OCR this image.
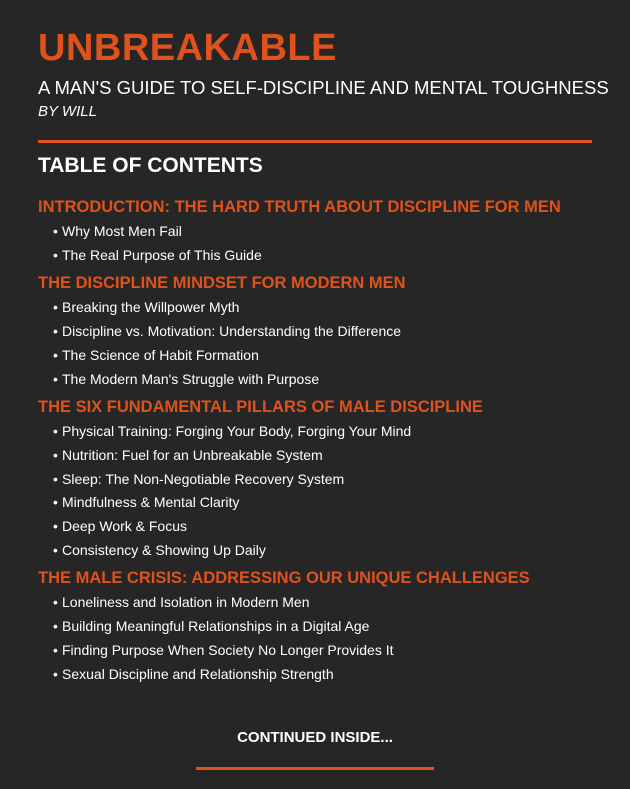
UNBREAKABLE
A MAN'S GUIDE TO SELF-DISCIPLINE AND MENTAL TOUGHNESS
BY WILL
TABLE OF CONTENTS
INTRODUCTION: THE HARD TRUTH ABOUT DISCIPLINE FOR MEN
• Why Most Men Fail
• The Real Purpose of This Guide
THE DISCIPLINE MINDSET FOR MODERN MEN
• Breaking the Willpower Myth
• Discipline vs. Motivation: Understanding the Difference
• The Science of Habit Formation
• The Modern Man's Struggle with Purpose
THE SIX FUNDAMENTAL PILLARS OF MALE DISCIPLINE
• Physical Training: Forging Your Body, Forging Your Mind
• Nutrition: Fuel for an Unbreakable System
• Sleep: The Non-Negotiable Recovery System
• Mindfulness & Mental Clarity
• Deep Work & Focus
• Consistency & Showing Up Daily
THE MALE CRISIS: ADDRESSING OUR UNIQUE CHALLENGES
• Loneliness and Isolation in Modern Men
• Building Meaningful Relationships in a Digital Age
• Finding Purpose When Society No Longer Provides It
• Sexual Discipline and Relationship Strength
CONTINUED INSIDE...
